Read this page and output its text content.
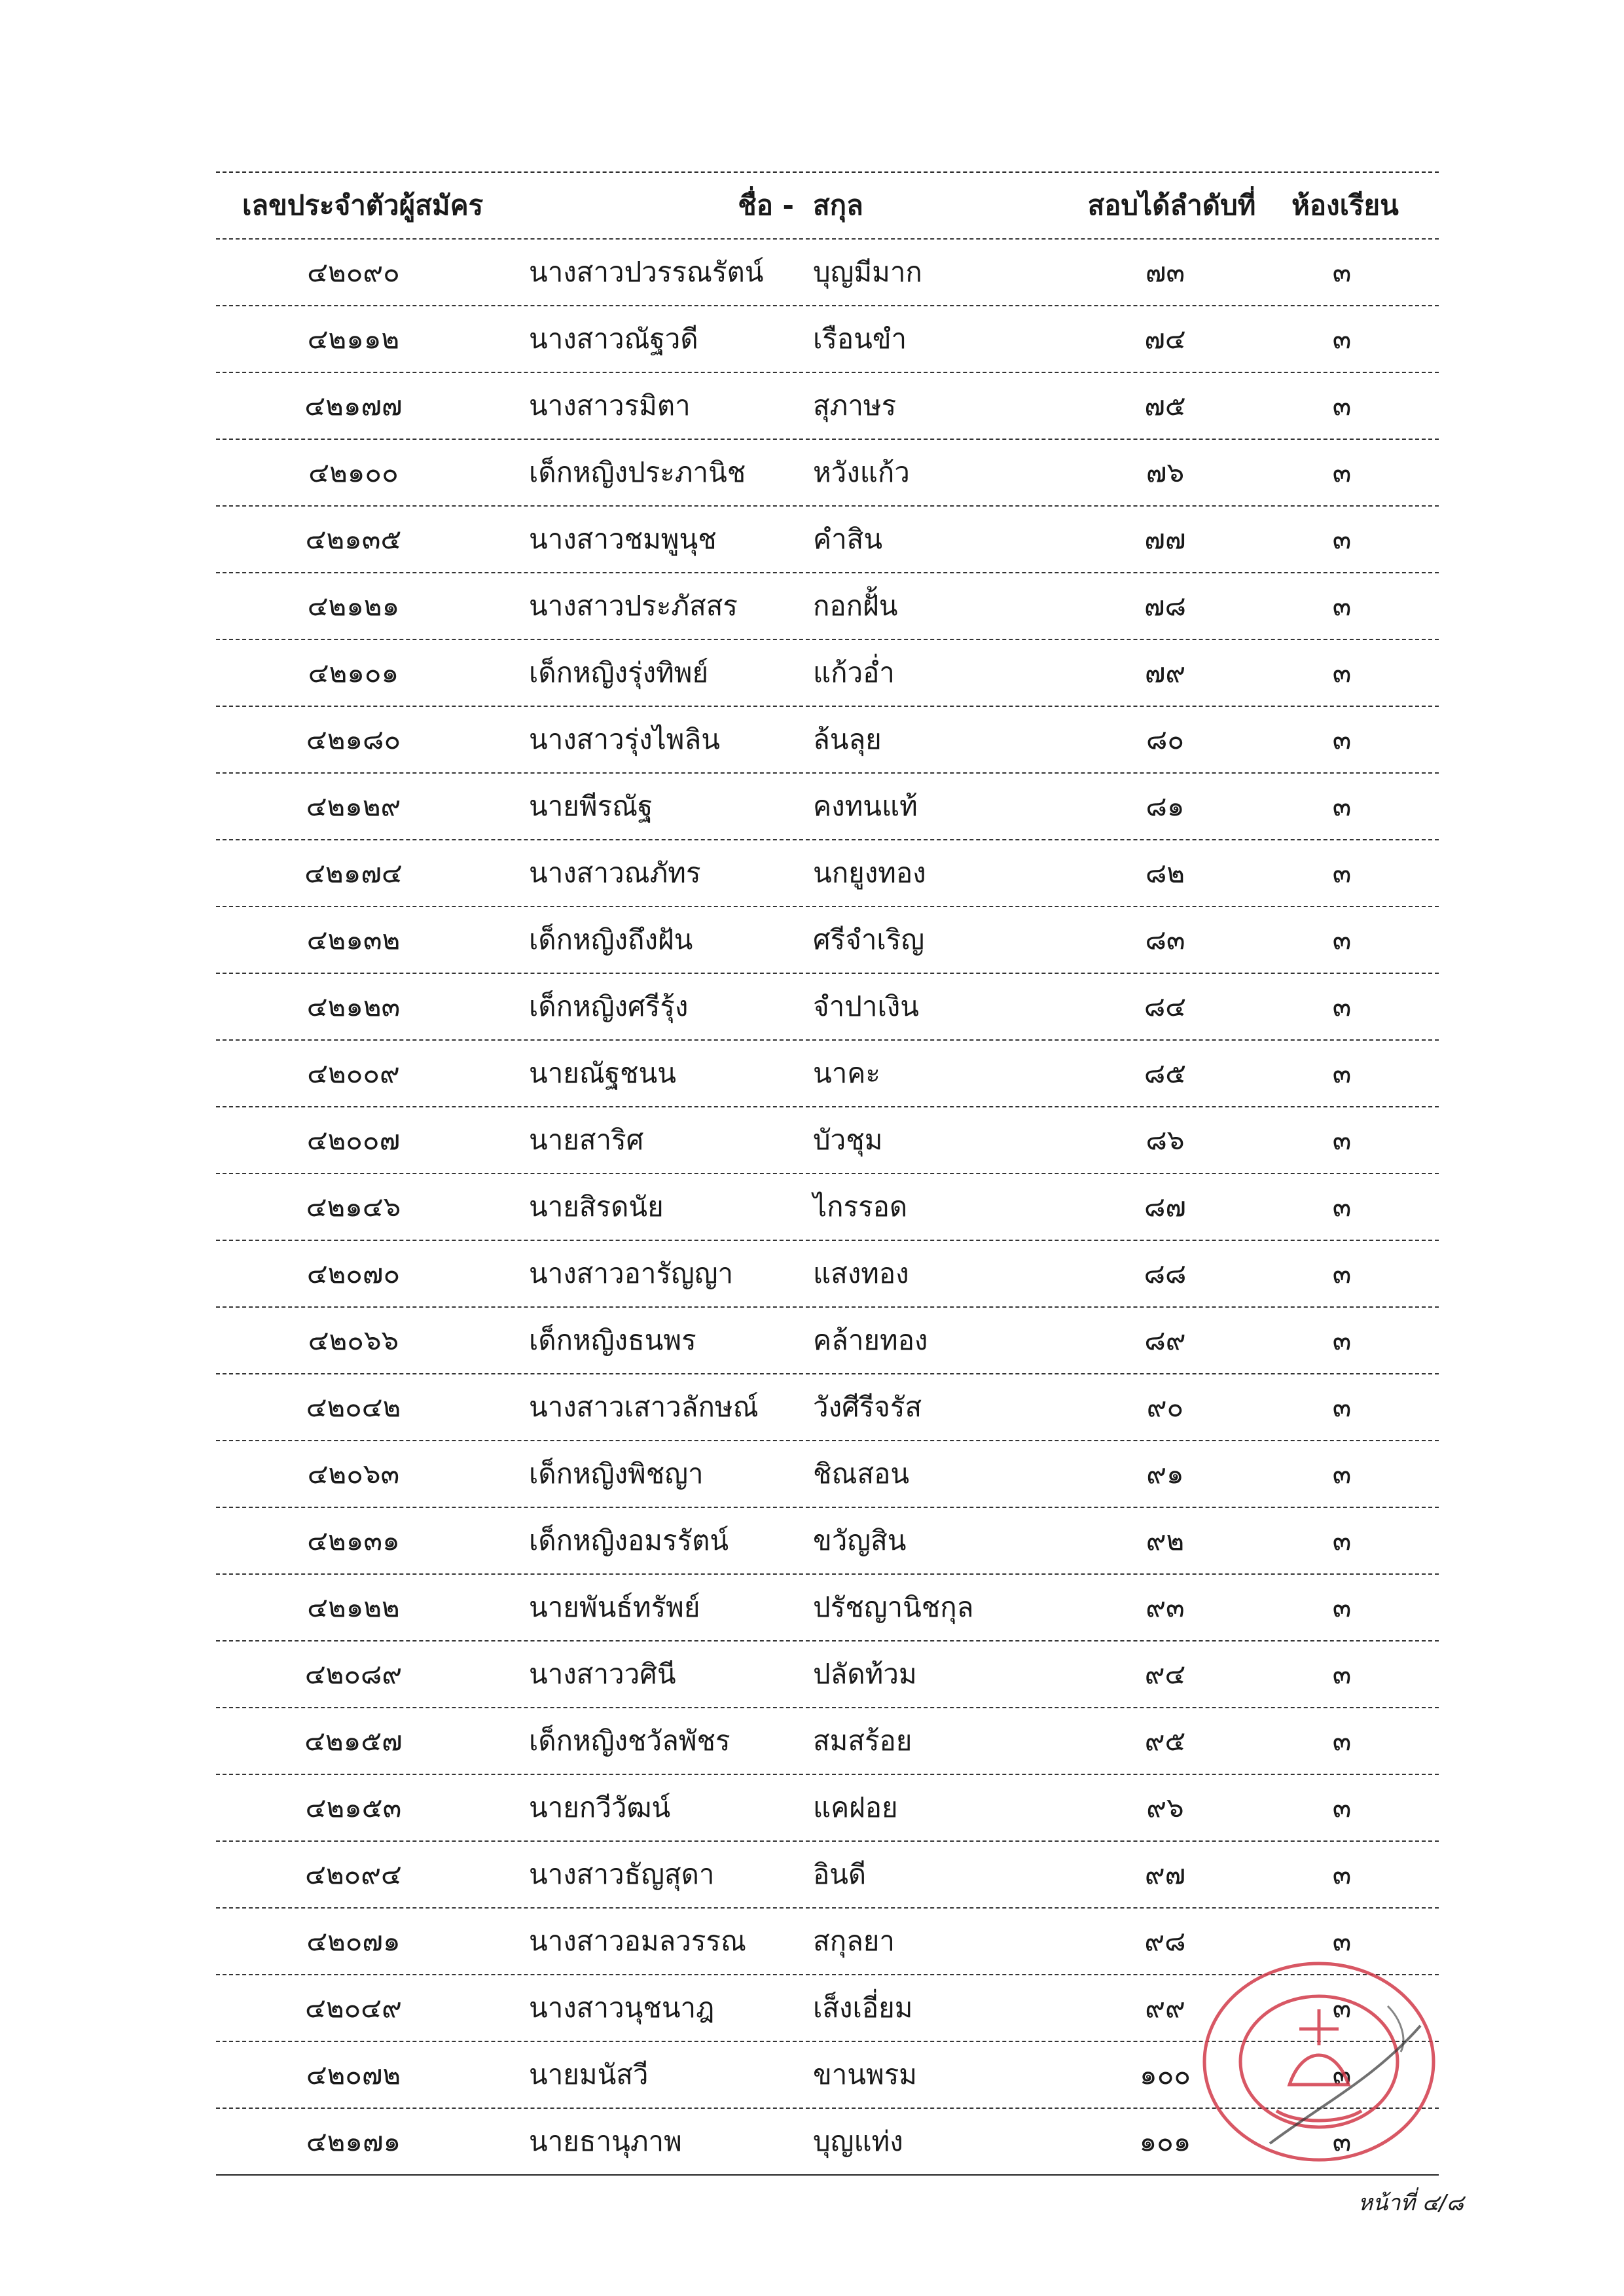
เลขประจำตัวผู้สมัคร	ชื่อ - สกุล	สอบได้ลำดับที่	ห้องเรียน
๔๒๐๙๐	นางสาวปวรรณรัตน์	บุญมีมาก	๗๓	๓
๔๒๑๑๒	นางสาวณัฐวดี	เรือนขำ	๗๔	๓
๔๒๑๗๗	นางสาวรมิตา	สุภาษร	๗๕	๓
๔๒๑๐๐	เด็กหญิงประภานิช	หวังแก้ว	๗๖	๓
๔๒๑๓๕	นางสาวชมพูนุช	คำสิน	๗๗	๓
๔๒๑๒๑	นางสาวประภัสสร	กอกฝั้น	๗๘	๓
๔๒๑๐๑	เด็กหญิงรุ่งทิพย์	แก้วอ่ำ	๗๙	๓
๔๒๑๘๐	นางสาวรุ่งไพลิน	ล้นลุย	๘๐	๓
๔๒๑๒๙	นายพีรณัฐ	คงทนแท้	๘๑	๓
๔๒๑๗๔	นางสาวณภัทร	นกยูงทอง	๘๒	๓
๔๒๑๓๒	เด็กหญิงถึงฝัน	ศรีจำเริญ	๘๓	๓
๔๒๑๒๓	เด็กหญิงศรีรุ้ง	จำปาเงิน	๘๔	๓
๔๒๐๐๙	นายณัฐชนน	นาคะ	๘๕	๓
๔๒๐๐๗	นายสาริศ	บัวชุม	๘๖	๓
๔๒๑๔๖	นายสิรดนัย	ไกรรอด	๘๗	๓
๔๒๐๗๐	นางสาวอารัญญา	แสงทอง	๘๘	๓
๔๒๐๖๖	เด็กหญิงธนพร	คล้ายทอง	๘๙	๓
๔๒๐๔๒	นางสาวเสาวลักษณ์	วังศีรีจรัส	๙๐	๓
๔๒๐๖๓	เด็กหญิงพิชญา	ชิณสอน	๙๑	๓
๔๒๑๓๑	เด็กหญิงอมรรัตน์	ขวัญสิน	๙๒	๓
๔๒๑๒๒	นายพันธ์ทรัพย์	ปรัชญานิชกุล	๙๓	๓
๔๒๐๘๙	นางสาววศินี	ปลัดท้วม	๙๔	๓
๔๒๑๕๗	เด็กหญิงชวัลพัชร	สมสร้อย	๙๕	๓
๔๒๑๕๓	นายกวีวัฒน์	แคฝอย	๙๖	๓
๔๒๐๙๔	นางสาวธัญสุดา	อินดี	๙๗	๓
๔๒๐๗๑	นางสาวอมลวรรณ	สกุลยา	๙๘	๓
๔๒๐๔๙	นางสาวนุชนาฎ	เส็งเอี่ยม	๙๙	๓
๔๒๐๗๒	นายมนัสวี	ขานพรม	๑๐๐	๓
๔๒๑๗๑	นายธานุภาพ	บุญแท่ง	๑๐๑	๓
หน้าที่ ๔/๘
